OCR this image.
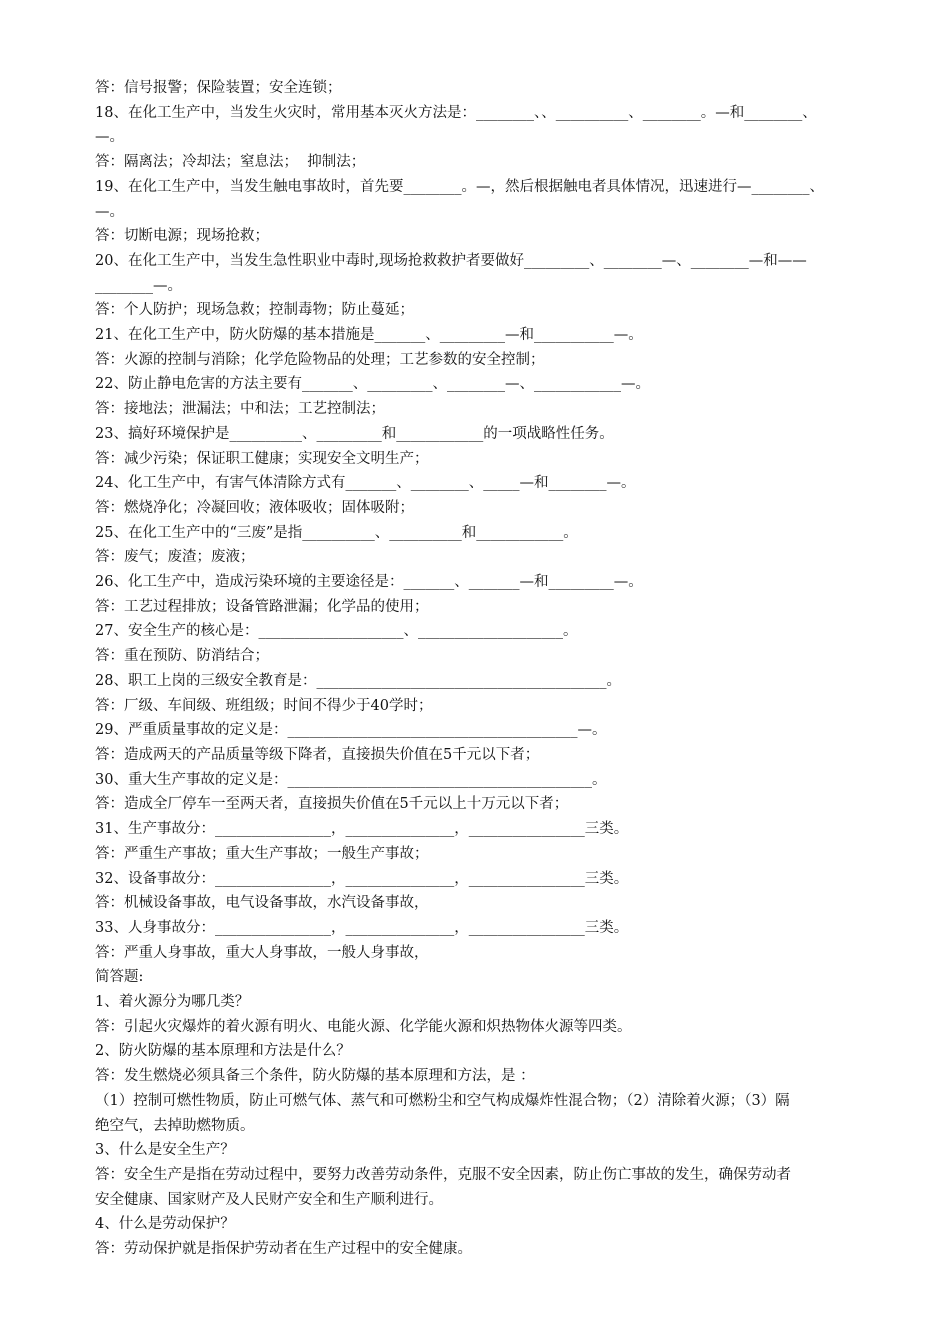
答：信号报警；保险装置；安全连锁；

18、在化工生产中，当发生火灾时，常用基本灭火方法是：________、、__________、________。—和________、

—。

答：隔离法；冷却法；窒息法；  抑制法；

19、在化工生产中，当发生触电事故时，首先要________。—，然后根据触电者具体情况，迅速进行—________、

—。

答：切断电源；现场抢救；

20、在化工生产中，当发生急性职业中毒时,现场抢救救护者要做好_________、________—、________—和——

________—。

答：个人防护；现场急救；控制毒物；防止蔓延；

21、在化工生产中，防火防爆的基本措施是_______、_________—和___________—。

答：火源的控制与消除；化学危险物品的处理；工艺参数的安全控制；

22、防止静电危害的方法主要有_______、_________、________—、____________—。

答：接地法；泄漏法；中和法；工艺控制法；

23、搞好环境保护是__________、_________和____________的一项战略性任务。

答：减少污染；保证职工健康；实现安全文明生产；

24、化工生产中，有害气体清除方式有_______、________、_____—和________—。

答：燃烧净化；冷凝回收；液体吸收；固体吸附；

25、在化工生产中的“三废”是指__________、__________和____________。

答：废气；废渣；废液；

26、化工生产中，造成污染环境的主要途径是：_______、_______—和_________—。

答：工艺过程排放；设备管路泄漏；化学品的使用；

27、安全生产的核心是：____________________、____________________。

答：重在预防、防消结合；

28、职工上岗的三级安全教育是：________________________________________。

答：厂级、车间级、班组级；时间不得少于40学时；

29、严重质量事故的定义是：________________________________________—。

答：造成两天的产品质量等级下降者，直接损失价值在5千元以下者；

30、重大生产事故的定义是：__________________________________________。

答：造成全厂停车一至两天者，直接损失价值在5千元以上十万元以下者；

31、生产事故分：________________，_______________，________________三类。

答：严重生产事故；重大生产事故；一般生产事故；

32、设备事故分：________________，_______________，________________三类。

答：机械设备事故，电气设备事故，水汽设备事故，

33、人身事故分：________________，_______________，________________三类。

答：严重人身事故，重大人身事故，一般人身事故，

简答题:

1、着火源分为哪几类？

答：引起火灾爆炸的着火源有明火、电能火源、化学能火源和炽热物体火源等四类。

2、防火防爆的基本原理和方法是什么？

答：发生燃烧必须具备三个条件，防火防爆的基本原理和方法，是 ：

（1）控制可燃性物质，防止可燃气体、蒸气和可燃粉尘和空气构成爆炸性混合物；（2）清除着火源；（3）隔

绝空气，去掉助燃物质。

3、什么是安全生产？

答：安全生产是指在劳动过程中，要努力改善劳动条件，克服不安全因素，防止伤亡事故的发生，确保劳动者

安全健康、国家财产及人民财产安全和生产顺利进行。

4、什么是劳动保护？

答：劳动保护就是指保护劳动者在生产过程中的安全健康。
